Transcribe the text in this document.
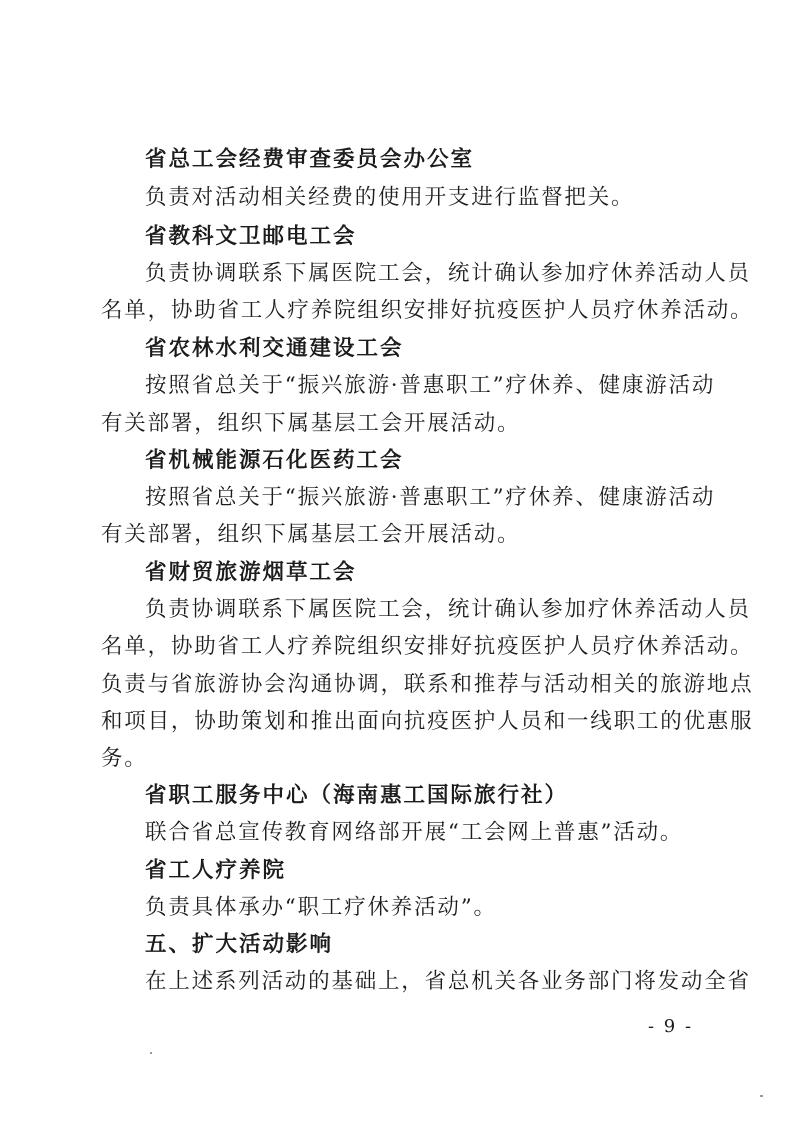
省总工会经费审查委员会办公室
负责对活动相关经费的使用开支进行监督把关。
省教科文卫邮电工会
负责协调联系下属医院工会，统计确认参加疗休养活动人员
名单，协助省工人疗养院组织安排好抗疫医护人员疗休养活动。
省农林水利交通建设工会
按照省总关于“振兴旅游·普惠职工”疗休养、健康游活动
有关部署，组织下属基层工会开展活动。
省机械能源石化医药工会
按照省总关于“振兴旅游·普惠职工”疗休养、健康游活动
有关部署，组织下属基层工会开展活动。
省财贸旅游烟草工会
负责协调联系下属医院工会，统计确认参加疗休养活动人员
名单，协助省工人疗养院组织安排好抗疫医护人员疗休养活动。
负责与省旅游协会沟通协调，联系和推荐与活动相关的旅游地点
和项目，协助策划和推出面向抗疫医护人员和一线职工的优惠服
务。
省职工服务中心（海南惠工国际旅行社）
联合省总宣传教育网络部开展“工会网上普惠”活动。
省工人疗养院
负责具体承办“职工疗休养活动”。
五、扩大活动影响
在上述系列活动的基础上，省总机关各业务部门将发动全省
- 9 -
